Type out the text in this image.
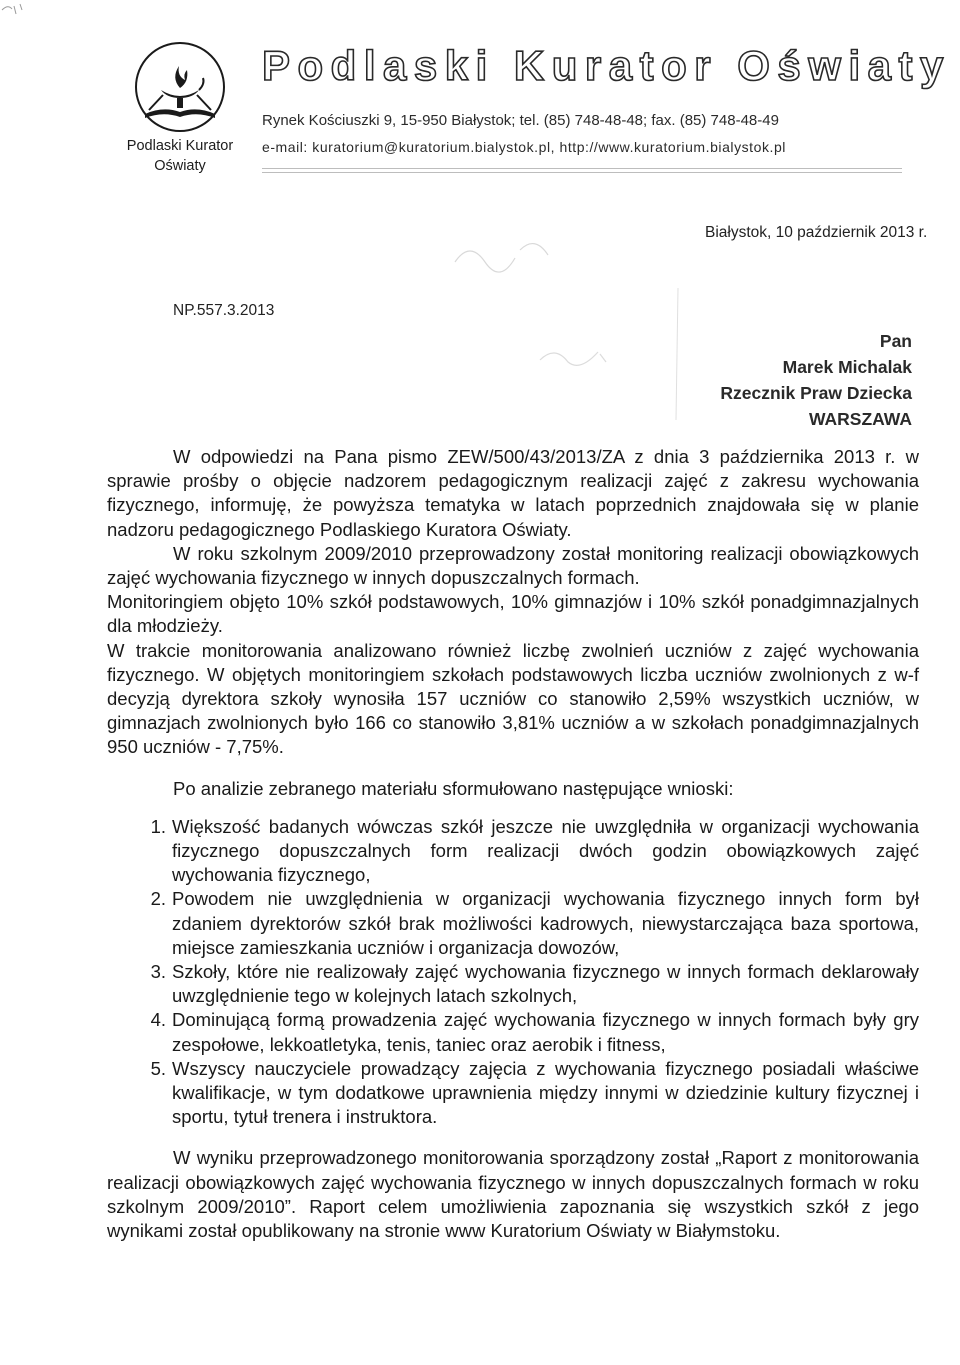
Podlaski Kurator
Oświaty
Podlaski Kurator Oświaty
Rynek Kościuszki 9, 15-950 Białystok; tel. (85) 748-48-48; fax. (85) 748-48-49
e-mail: kuratorium@kuratorium.bialystok.pl, http://www.kuratorium.bialystok.pl
Białystok, 10 październik 2013 r.
NP.557.3.2013
Pan
Marek Michalak
Rzecznik Praw Dziecka
WARSZAWA

W odpowiedzi na Pana pismo ZEW/500/43/2013/ZA z dnia 3 października 2013 r. w sprawie prośby o objęcie nadzorem pedagogicznym realizacji zajęć z zakresu wychowania fizycznego, informuję, że powyższa tematyka w latach poprzednich znajdowała się w planie nadzoru pedagogicznego Podlaskiego Kuratora Oświaty.

W roku szkolnym 2009/2010 przeprowadzony został monitoring realizacji obowiązkowych zajęć wychowania fizycznego w innych dopuszczalnych formach.

Monitoringiem objęto 10% szkół podstawowych, 10% gimnazjów i 10% szkół ponadgimnazjalnych dla młodzieży.

W trakcie monitorowania analizowano również liczbę zwolnień uczniów z zajęć wychowania fizycznego. W objętych monitoringiem szkołach podstawowych liczba uczniów zwolnionych z w-f decyzją dyrektora szkoły wynosiła 157 uczniów co stanowiło 2,59% wszystkich uczniów, w gimnazjach zwolnionych było 166 co stanowiło 3,81% uczniów a w szkołach ponadgimnazjalnych 950 uczniów - 7,75%.

Po analizie zebranego materiału sformułowano następujące wnioski:

1. Większość badanych wówczas szkół jeszcze nie uwzględniła w organizacji wychowania fizycznego dopuszczalnych form realizacji dwóch godzin obowiązkowych zajęć wychowania fizycznego,
2. Powodem nie uwzględnienia w organizacji wychowania fizycznego innych form był zdaniem dyrektorów szkół brak możliwości kadrowych, niewystarczająca baza sportowa, miejsce zamieszkania uczniów i organizacja dowozów,
3. Szkoły, które nie realizowały zajęć wychowania fizycznego w innych formach deklarowały uwzględnienie tego w kolejnych latach szkolnych,
4. Dominującą formą prowadzenia zajęć wychowania fizycznego w innych formach były gry zespołowe, lekkoatletyka, tenis, taniec oraz aerobik i fitness,
5. Wszyscy nauczyciele prowadzący zajęcia z wychowania fizycznego posiadali właściwe kwalifikacje, w tym dodatkowe uprawnienia między innymi w dziedzinie kultury fizycznej i sportu, tytuł trenera i instruktora.

W wyniku przeprowadzonego monitorowania sporządzony został „Raport z monitorowania realizacji obowiązkowych zajęć wychowania fizycznego w innych dopuszczalnych formach w roku szkolnym 2009/2010”. Raport celem umożliwienia zapoznania się wszystkich szkół z jego wynikami został opublikowany na stronie www Kuratorium Oświaty w Białymstoku.
